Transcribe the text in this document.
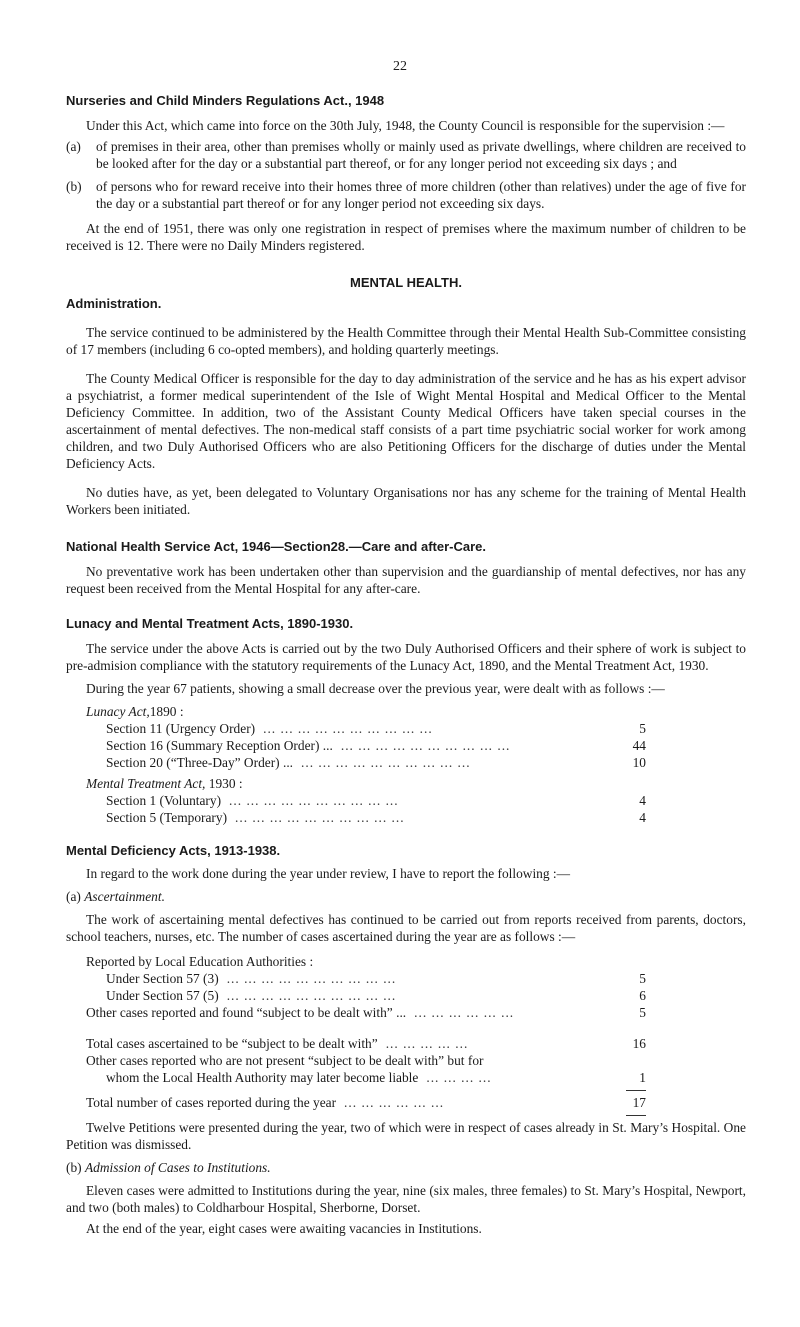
22

Nurseries and Child Minders Regulations Act., 1948

Under this Act, which came into force on the 30th July, 1948, the County Council is responsible for the supervision :—

(a)	of premises in their area, other than premises wholly or mainly used as private dwellings, where children are received to be looked after for the day or a substantial part thereof, or for any longer period not exceeding six days ; and
(b)	of persons who for reward receive into their homes three of more children (other than relatives) under the age of five for the day or a substantial part thereof or for any longer period not exceeding six days.

At the end of 1951, there was only one registration in respect of premises where the maximum number of children to be received is 12. There were no Daily Minders registered.

MENTAL HEALTH.

Administration.

The service continued to be administered by the Health Committee through their Mental Health Sub-Committee consisting of 17 members (including 6 co-opted members), and holding quarterly meetings.

The County Medical Officer is responsible for the day to day administration of the service and he has as his expert advisor a psychiatrist, a former medical superintendent of the Isle of Wight Mental Hospital and Medical Officer to the Mental Deficiency Committee. In addition, two of the Assistant County Medical Officers have taken special courses in the ascertainment of mental defectives. The non-medical staff consists of a part time psychiatric social worker for work among children, and two Duly Authorised Officers who are also Petitioning Officers for the discharge of duties under the Mental Deficiency Acts.

No duties have, as yet, been delegated to Voluntary Organisations nor has any scheme for the training of Mental Health Workers been initiated.

National Health Service Act, 1946—Section28.—Care and after-Care.

No preventative work has been undertaken other than supervision and the guardianship of mental defectives, nor has any request been received from the Mental Hospital for any after-care.

Lunacy and Mental Treatment Acts, 1890-1930.

The service under the above Acts is carried out by the two Duly Authorised Officers and their sphere of work is subject to pre-admision compliance with the statutory requirements of the Lunacy Act, 1890, and the Mental Treatment Act, 1930.

During the year 67 patients, showing a small decrease over the previous year, were dealt with as follows :—

Lunacy Act,1890 :

Section 11 (Urgency Order) ... ... ... ... ... ... ... ... ... ...	5
Section 16 (Summary Reception Order) ... ... ... ... ... ... ... ... ... ... ...	44
Section 20 (“Three-Day” Order) ... ... ... ... ... ... ... ... ... ... ...	10

Mental Treatment Act, 1930 :

Section 1 (Voluntary) ... ... ... ... ... ... ... ... ... ...	4
Section 5 (Temporary) ... ... ... ... ... ... ... ... ... ...	4

Mental Deficiency Acts, 1913-1938.

In regard to the work done during the year under review, I have to report the following :—

(a) Ascertainment.

The work of ascertaining mental defectives has continued to be carried out from reports received from parents, doctors, school teachers, nurses, etc. The number of cases ascertained during the year are as follows :—

Reported by Local Education Authorities :

Under Section 57 (3) ... ... ... ... ... ... ... ... ... ...	5
Under Section 57 (5) ... ... ... ... ... ... ... ... ... ...	6
Other cases reported and found “subject to be dealt with” ... ... ... ... ... ... ...	5
Total cases ascertained to be “subject to be dealt with” ... ... ... ... ...	16

Other cases reported who are not present “subject to be dealt with” but for

whom the Local Health Authority may later become liable ... ... ... ...	1
Total number of cases reported during the year ... ... ... ... ... ...	17

Twelve Petitions were presented during the year, two of which were in respect of cases already in St. Mary’s Hospital. One Petition was dismissed.

(b) Admission of Cases to Institutions.

Eleven cases were admitted to Institutions during the year, nine (six males, three females) to St. Mary’s Hospital, Newport, and two (both males) to Coldharbour Hospital, Sherborne, Dorset.

At the end of the year, eight cases were awaiting vacancies in Institutions.
